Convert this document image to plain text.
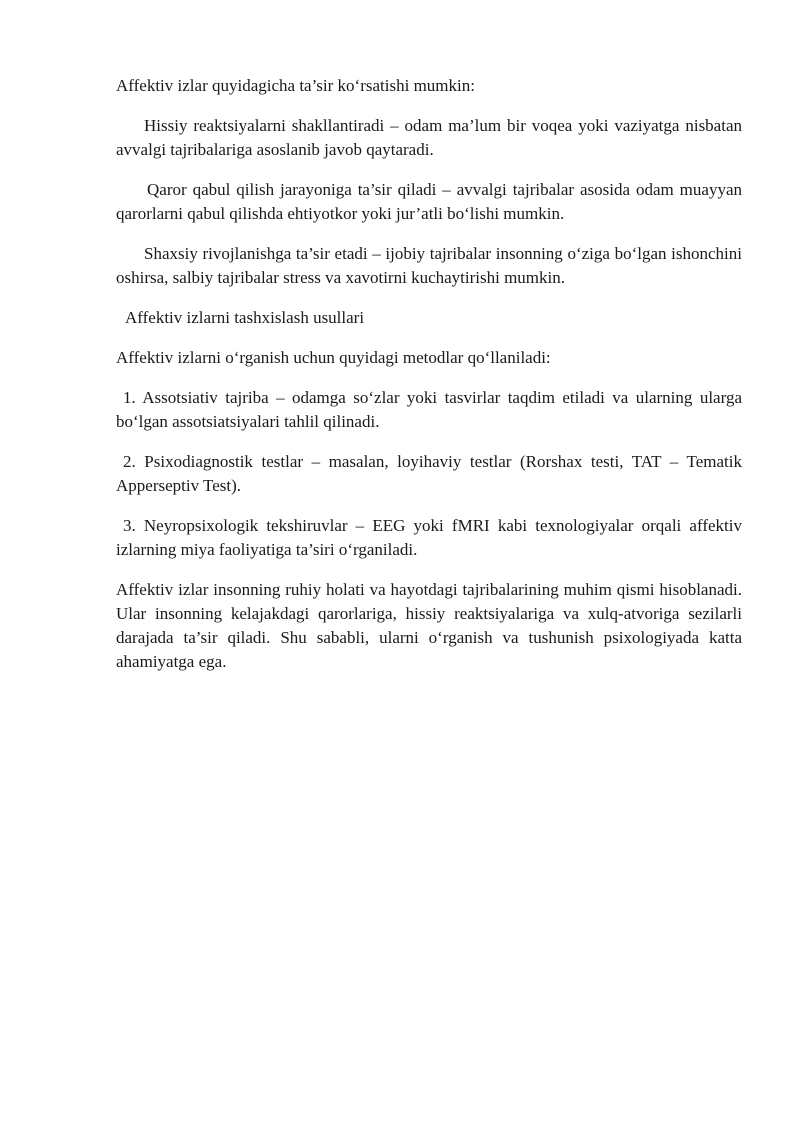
Affektiv izlar quyidagicha ta’sir ko‘rsatishi mumkin:

Hissiy reaktsiyalarni shakllantiradi – odam ma’lum bir voqea yoki vaziyatga nisbatan avvalgi tajribalariga asoslanib javob qaytaradi.

Qaror qabul qilish jarayoniga ta’sir qiladi – avvalgi tajribalar asosida odam muayyan qarorlarni qabul qilishda ehtiyotkor yoki jur’atli bo‘lishi mumkin.

Shaxsiy rivojlanishga ta’sir etadi – ijobiy tajribalar insonning o‘ziga bo‘lgan ishonchini oshirsa, salbiy tajribalar stress va xavotirni kuchaytirishi mumkin.

Affektiv izlarni tashxislash usullari

Affektiv izlarni o‘rganish uchun quyidagi metodlar qo‘llaniladi:

1. Assotsiativ tajriba – odamga so‘zlar yoki tasvirlar taqdim etiladi va ularning ularga bo‘lgan assotsiatsiyalari tahlil qilinadi.

2. Psixodiagnostik testlar – masalan, loyihaviy testlar (Rorshax testi, TAT – Tematik Apperseptiv Test).

3. Neyropsixologik tekshiruvlar – EEG yoki fMRI kabi texnologiyalar orqali affektiv izlarning miya faoliyatiga ta’siri o‘rganiladi.

Affektiv izlar insonning ruhiy holati va hayotdagi tajribalarining muhim qismi hisoblanadi. Ular insonning kelajakdagi qarorlariga, hissiy reaktsiyalariga va xulq-atvoriga sezilarli darajada ta’sir qiladi. Shu sababli, ularni o‘rganish va tushunish psixologiyada katta ahamiyatga ega.
